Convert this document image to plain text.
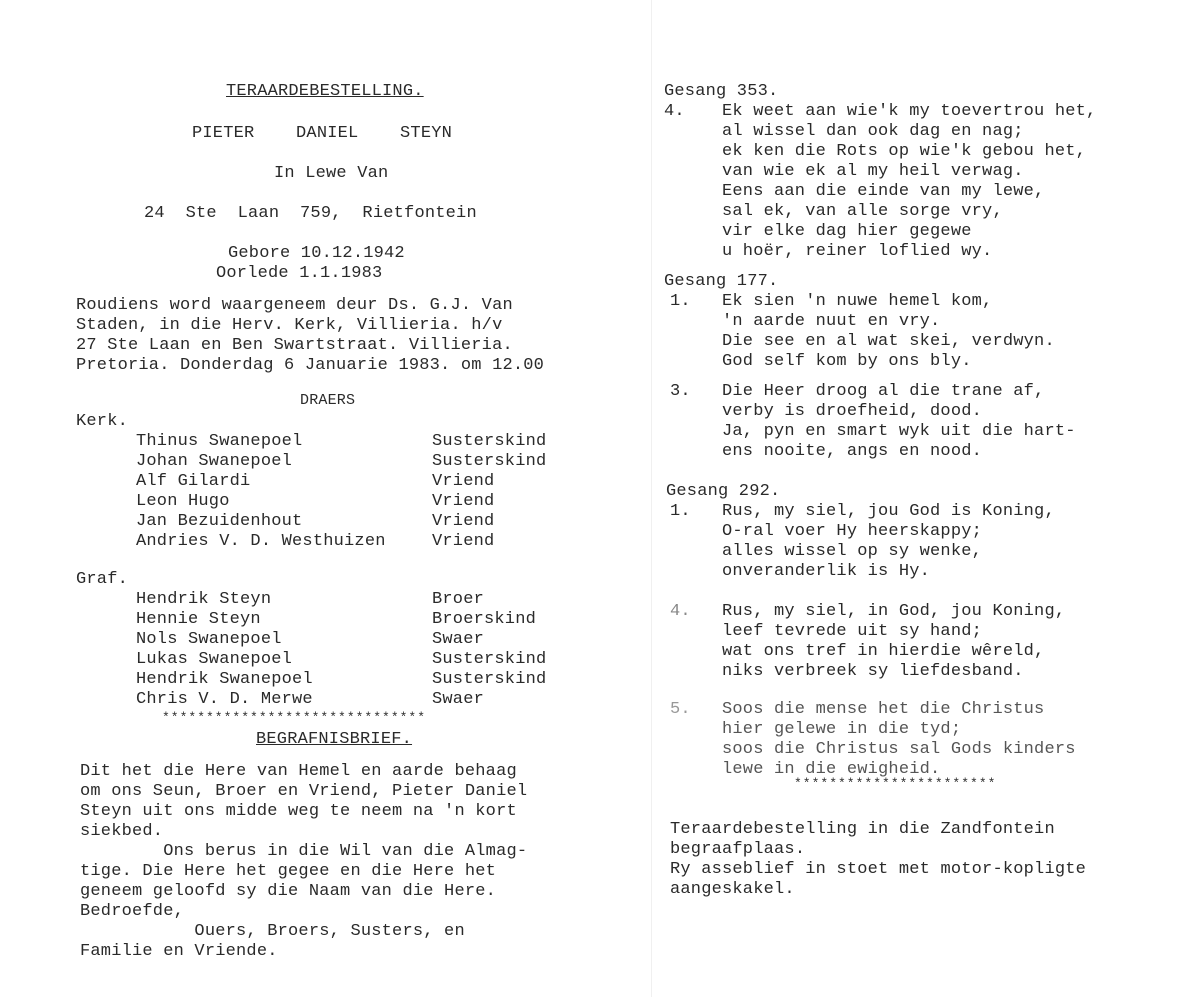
TERAARDEBESTELLING.
PIETER    DANIEL    STEYN
In Lewe Van
24  Ste  Laan  759,  Rietfontein
Gebore 10.12.1942
Oorlede 1.1.1983
Roudiens word waargeneem deur Ds. G.J. Van
Staden, in die Herv. Kerk, Villieria. h/v
27 Ste Laan en Ben Swartstraat. Villieria.
Pretoria. Donderdag 6 Januarie 1983. om 12.00
DRAERS
Kerk.
Thinus Swanepoel	Susterskind
Johan Swanepoel	Susterskind
Alf Gilardi	Vriend
Leon Hugo	Vriend
Jan Bezuidenhout	Vriend
Andries V. D. Westhuizen	Vriend
Graf.
Hendrik Steyn	Broer
Hennie Steyn	Broerskind
Nols Swanepoel	Swaer
Lukas Swanepoel	Susterskind
Hendrik Swanepoel	Susterskind
Chris V. D. Merwe	Swaer
******************************
BEGRAFNISBRIEF.
Dit het die Here van Hemel en aarde behaag
om ons Seun, Broer en Vriend, Pieter Daniel
Steyn uit ons midde weg te neem na 'n kort
siekbed.
Ons berus in die Wil van die Almag-
tige. Die Here het gegee en die Here het
geneem geloofd sy die Naam van die Here.
Bedroefde,
Ouers, Broers, Susters, en
Familie en Vriende.
Gesang 353.
4. Ek weet aan wie'k my toevertrou het,
al wissel dan ook dag en nag;
ek ken die Rots op wie'k gebou het,
van wie ek al my heil verwag.
Eens aan die einde van my lewe,
sal ek, van alle sorge vry,
vir elke dag hier gegewe
u hoër, reiner loflied wy.
Gesang 177.
1. Ek sien 'n nuwe hemel kom,
'n aarde nuut en vry.
Die see en al wat skei, verdwyn.
God self kom by ons bly.
3. Die Heer droog al die trane af,
verby is droefheid, dood.
Ja, pyn en smart wyk uit die hart-
ens nooite, angs en nood.
Gesang 292.
1. Rus, my siel, jou God is Koning,
O-ral voer Hy heerskappy;
alles wissel op sy wenke,
onveranderlik is Hy.
4. Rus, my siel, in God, jou Koning,
leef tevrede uit sy hand;
wat ons tref in hierdie wêreld,
niks verbreek sy liefdesband.
5. Soos die mense het die Christus
hier gelewe in die tyd;
soos die Christus sal Gods kinders
lewe in die ewigheid.
***********************
Teraardebestelling in die Zandfontein
begraafplaas.
Ry asseblief in stoet met motor-kopligte
aangeskakel.
